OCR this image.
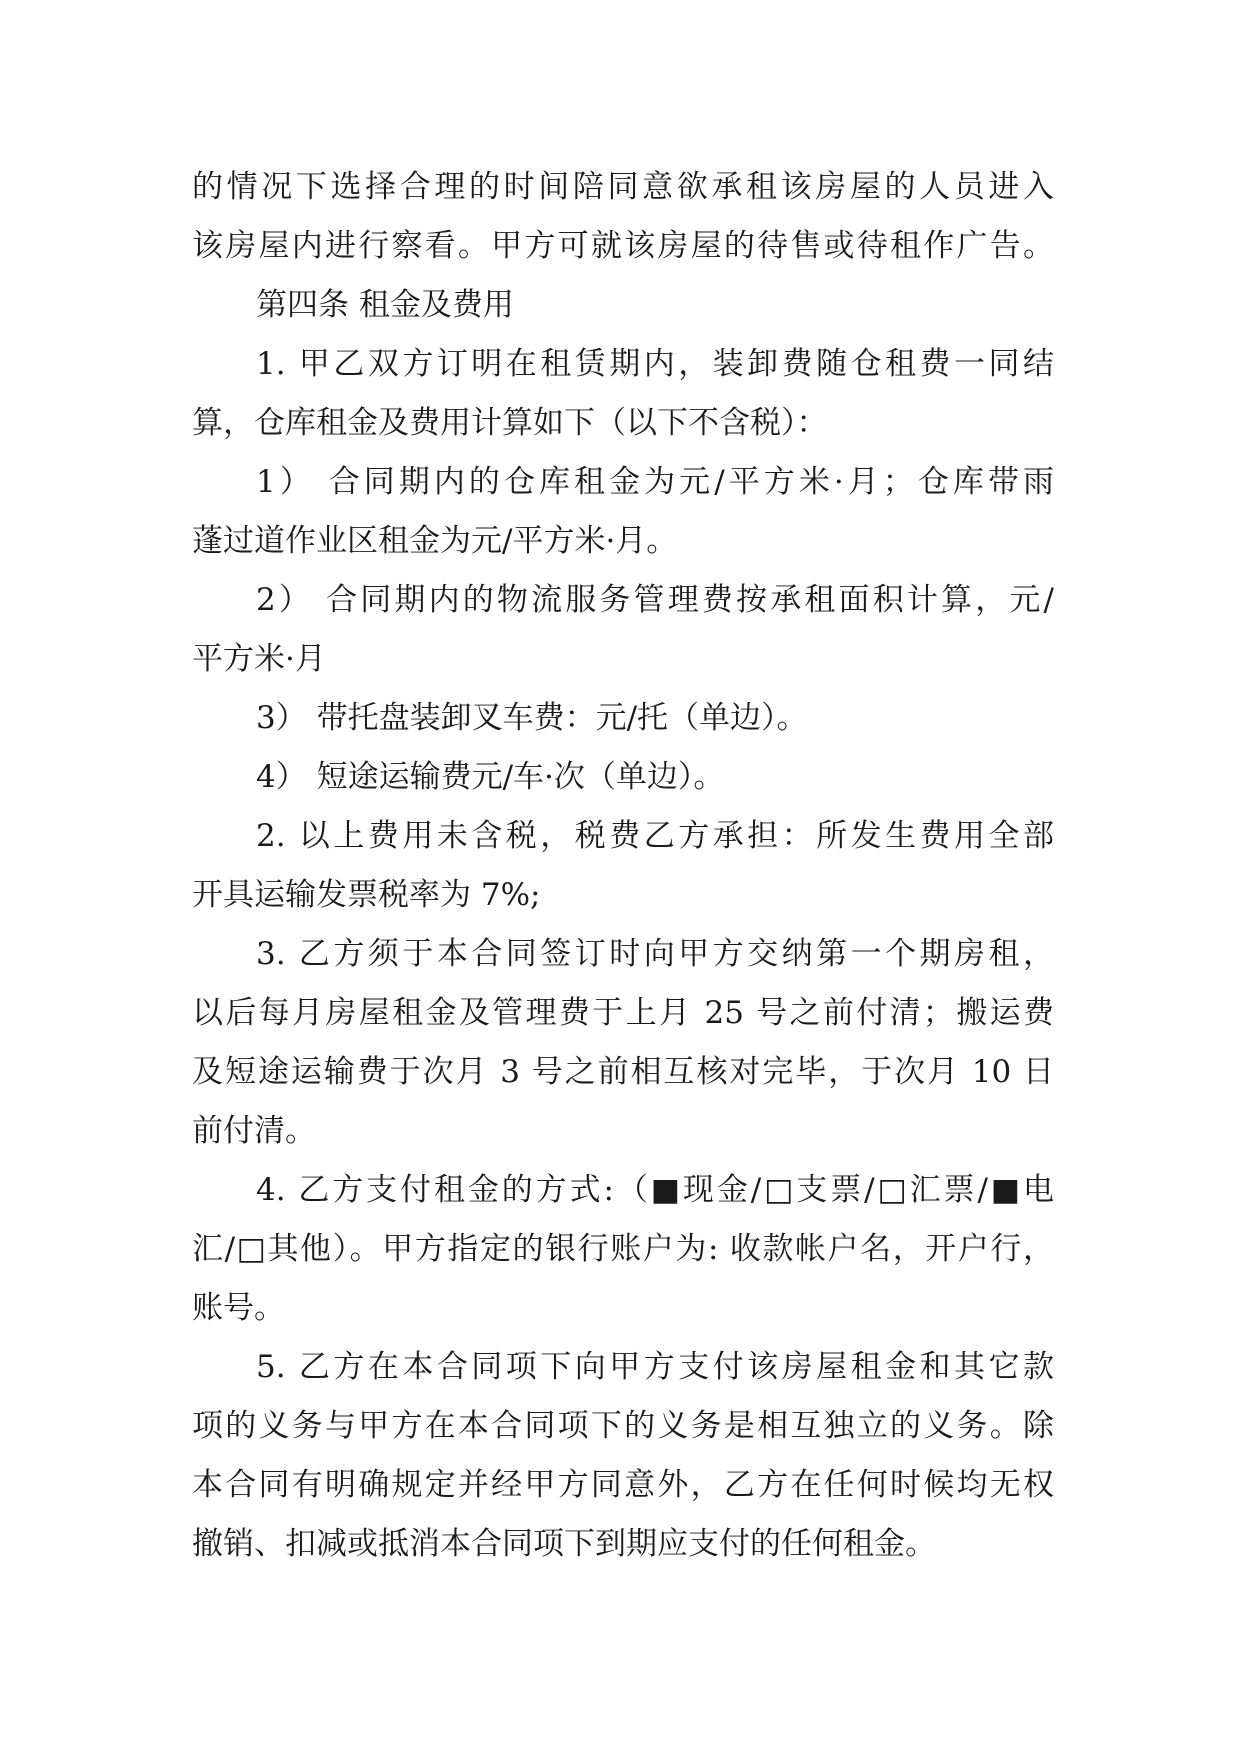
的情况下选择合理的时间陪同意欲承租该房屋的人员进入
该房屋内进行察看。甲方可就该房屋的待售或待租作广告。
第四条 租金及费用
1. 甲乙双方订明在租赁期内，装卸费随仓租费一同结
算，仓库租金及费用计算如下（以下不含税）：
1） 合同期内的仓库租金为元/平方米·月；仓库带雨
蓬过道作业区租金为元/平方米·月。
2） 合同期内的物流服务管理费按承租面积计算，元/
平方米·月
3） 带托盘装卸叉车费：元/托（单边）。
4） 短途运输费元/车·次（单边）。
2. 以上费用未含税，税费乙方承担：所发生费用全部
开具运输发票税率为 7%;
3. 乙方须于本合同签订时向甲方交纳第一个期房租，
以后每月房屋租金及管理费于上月 25 号之前付清；搬运费
及短途运输费于次月 3 号之前相互核对完毕，于次月 10 日
前付清。
4. 乙方支付租金的方式:（■现金/□支票/□汇票/■电
汇/□其他）。甲方指定的银行账户为: 收款帐户名，开户行，
账号。
5. 乙方在本合同项下向甲方支付该房屋租金和其它款
项的义务与甲方在本合同项下的义务是相互独立的义务。除
本合同有明确规定并经甲方同意外，乙方在任何时候均无权
撤销、扣减或抵消本合同项下到期应支付的任何租金。
